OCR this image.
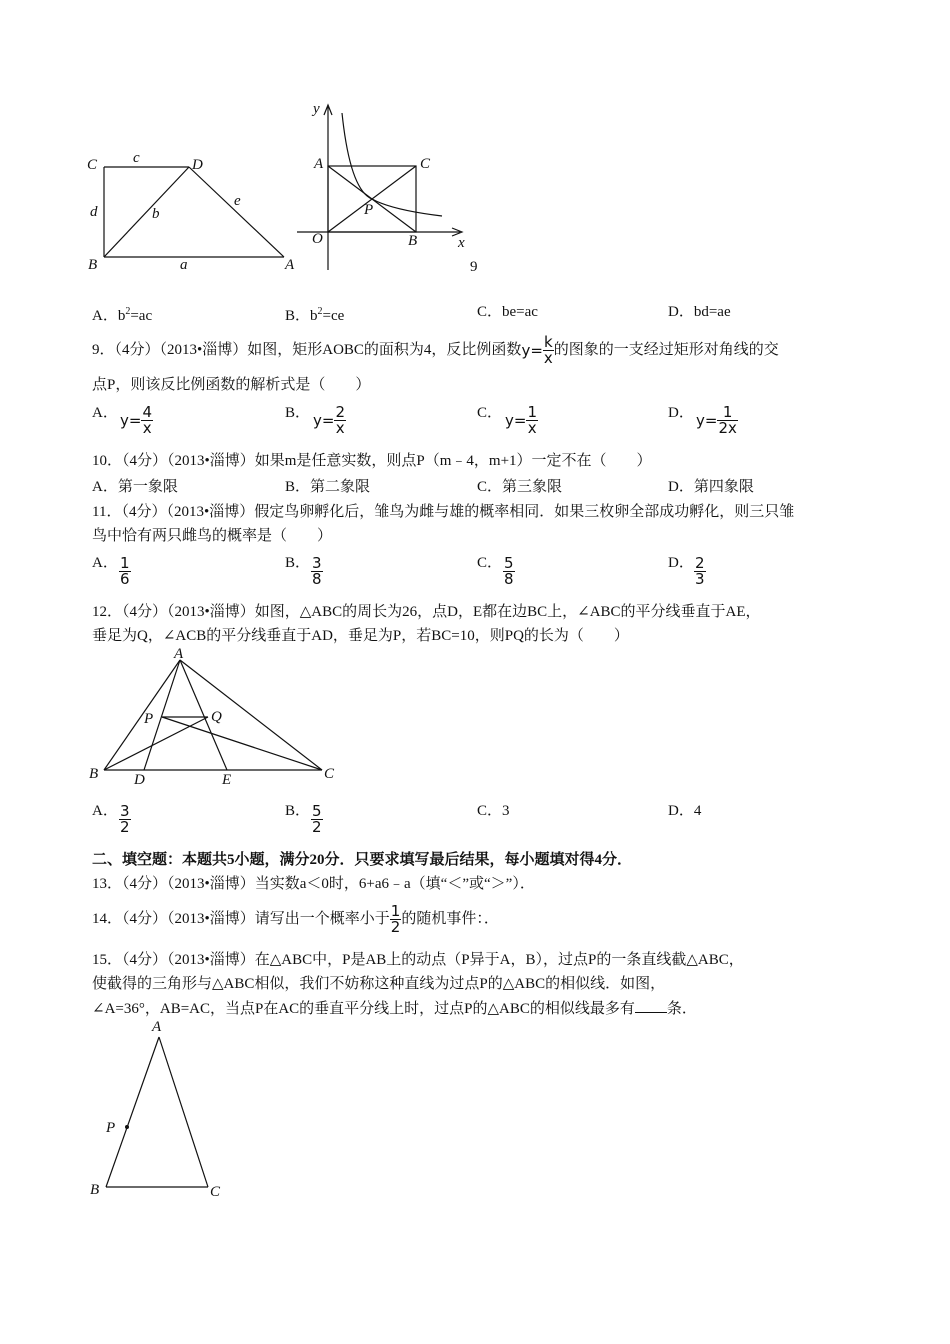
C c	D
d	b
e
B	a	A
y
A	C
P
O	B	x
9
A．$b^2=ac$	B．$b^2=ce$	C．be=ac	D．bd=ae
9．（4分）（2013•淄博）如图，矩形AOBC的面积为4，反比例函数$y= \frac{k}{x}$ 的图象的一支经过矩形对角线的交
点P，则该反比例函数的解析式是（　　）
A． $y= \frac{4}{x}$	B． $y= \frac{2}{x}$	C． $y= \frac{1}{x}$	D． $y= \frac{1}{2x}$
10．（4分）（2013•淄博）如果m是任意实数，则点P（m﹣4，m+1）一定不在（　　）
A．第一象限	B．第二象限	C．第三象限	D．第四象限
11．（4分）（2013•淄博）假定鸟卵孵化后，雏鸟为雌与雄的概率相同．如果三枚卵全部成功孵化，则三只雏
鸟中恰有两只雌鸟的概率是（　　）
A． $\frac{1}{6}$	B． $\frac{3}{8}$	C． $\frac{5}{8}$	D． $\frac{2}{3}$
12．（4分）（2013•淄博）如图，△ABC的周长为26，点D，E都在边BC上，∠ABC的平分线垂直于AE，
垂足为Q，∠ACB的平分线垂直于AD，垂足为P，若BC=10，则PQ的长为（　　）
A
P	Q
B D	E	C
A． $\frac{3}{2}$	B． $\frac{5}{2}$	C．3	D．4
二、填空题：本题共5小题，满分20分．只要求填写最后结果，每小题填对得4分．
13．（4分）（2013•淄博）当实数a＜0时，6+a6﹣a（填“＜”或“＞”）．
14．（4分）（2013•淄博）请写出一个概率小于 $\frac{1}{2}$ 的随机事件：．
15．（4分）（2013•淄博）在△ABC中，P是AB上的动点（P异于A，B），过点P的一条直线截△ABC，
使截得的三角形与△ABC相似，我们不妨称这种直线为过点P的△ABC的相似线．如图，
∠A=36°，AB=AC，当点P在AC的垂直平分线上时，过点P的△ABC的相似线最多有 条．
A
P
B	C
